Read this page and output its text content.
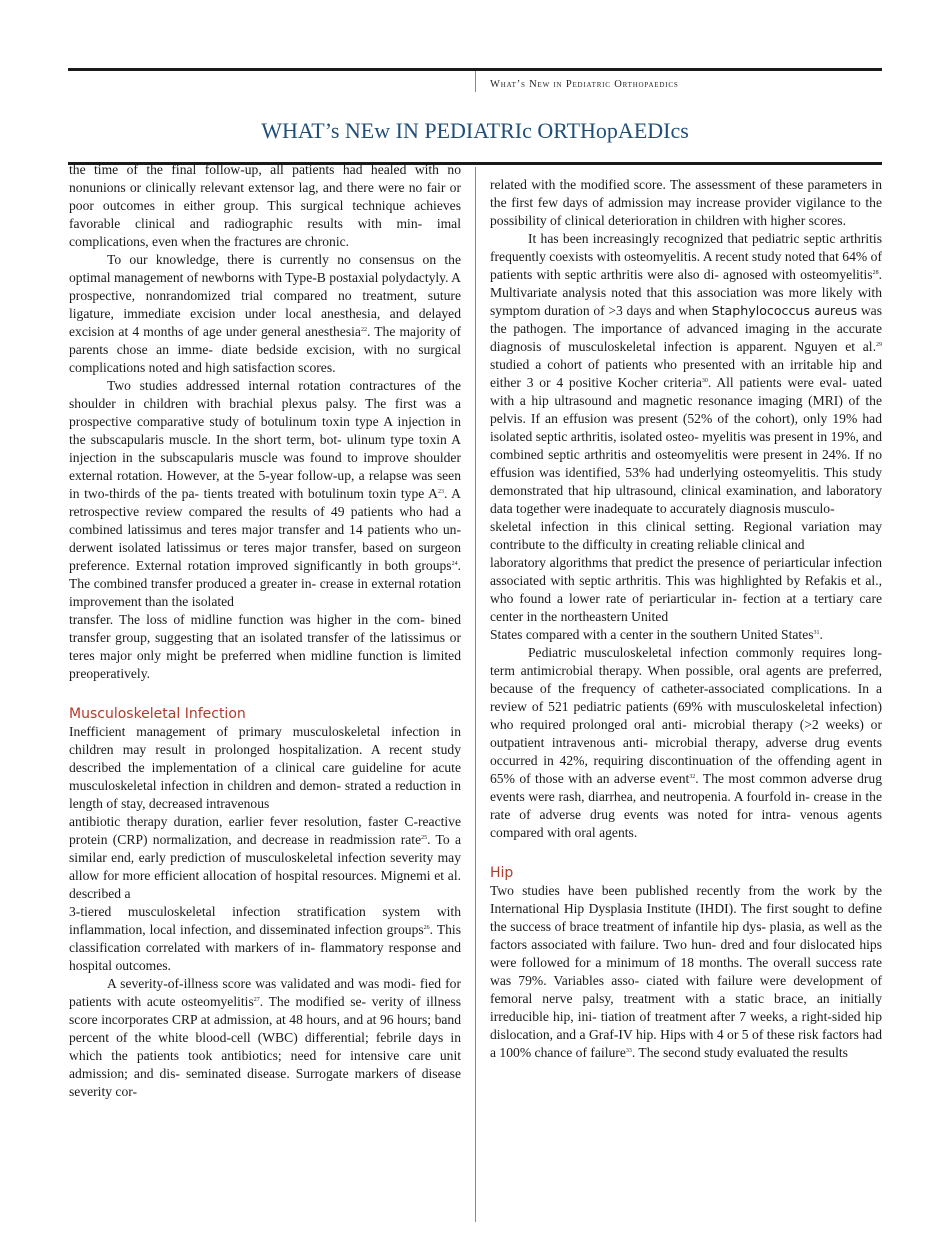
What’s New in Pediatric Orthopaedics
WHAT’s NEw IN PEDIATRIc ORTHopAEDIcs

the time of the final follow-up, all patients had healed with no nonunions or clinically relevant extensor lag, and there were no fair or poor outcomes in either group. This surgical technique achieves favorable clinical and radiographic results with min- imal complications, even when the fractures are chronic.

To our knowledge, there is currently no consensus on the optimal management of newborns with Type-B postaxial polydactyly. A prospective, nonrandomized trial compared no treatment, suture ligature, immediate excision under local anesthesia, and delayed excision at 4 months of age under general anesthesia$^{22}$. The majority of parents chose an imme- diate bedside excision, with no surgical complications noted and high satisfaction scores.

Two studies addressed internal rotation contractures of the shoulder in children with brachial plexus palsy. The first was a prospective comparative study of botulinum toxin type A injection in the subscapularis muscle. In the short term, bot- ulinum type toxin A injection in the subscapularis muscle was found to improve shoulder external rotation. However, at the 5-year follow-up, a relapse was seen in two-thirds of the pa- tients treated with botulinum toxin type $A^{23}$. A retrospective review compared the results of 49 patients who had a combined latissimus and teres major transfer and 14 patients who un- derwent isolated latissimus or teres major transfer, based on surgeon preference. External rotation improved significantly in both groups$^{24}$. The combined transfer produced a greater in- crease in external rotation improvement than the isolated

transfer. The loss of midline function was higher in the com- bined transfer group, suggesting that an isolated transfer of the latissimus or teres major only might be preferred when midline function is limited preoperatively.

Musculoskeletal Infection

Inefficient management of primary musculoskeletal infection in children may result in prolonged hospitalization. A recent study described the implementation of a clinical care guideline for acute musculoskeletal infection in children and demon- strated a reduction in length of stay, decreased intravenous

antibiotic therapy duration, earlier fever resolution, faster C-reactive protein (CRP) normalization, and decrease in readmission rate$^{25}$. To a similar end, early prediction of musculoskeletal infection severity may allow for more efficient allocation of hospital resources. Mignemi et al. described a

3-tiered musculoskeletal infection stratification system with inflammation, local infection, and disseminated infection groups$^{26}$. This classification correlated with markers of in- flammatory response and hospital outcomes.

A severity-of-illness score was validated and was modi- fied for patients with acute osteomyelitis$^{27}$. The modified se- verity of illness score incorporates CRP at admission, at 48 hours, and at 96 hours; band percent of the white blood-cell (WBC) differential; febrile days in which the patients took antibiotics; need for intensive care unit admission; and dis- seminated disease. Surrogate markers of disease severity cor-

related with the modified score. The assessment of these parameters in the first few days of admission may increase provider vigilance to the possibility of clinical deterioration in children with higher scores.

It has been increasingly recognized that pediatric septic arthritis frequently coexists with osteomyelitis. A recent study noted that 64% of patients with septic arthritis were also di- agnosed with osteomyelitis$^{28}$. Multivariate analysis noted that this association was more likely with symptom duration of >3 days and when Staphylococcus aureus was the pathogen. The importance of advanced imaging in the accurate diagnosis of musculoskeletal infection is apparent. Nguyen et al.$^{29}$ studied a cohort of patients who presented with an irritable hip and either 3 or 4 positive Kocher criteria$^{30}$. All patients were eval- uated with a hip ultrasound and magnetic resonance imaging (MRI) of the pelvis. If an effusion was present (52% of the cohort), only 19% had isolated septic arthritis, isolated osteo- myelitis was present in 19%, and combined septic arthritis and osteomyelitis were present in 24%. If no effusion was identified, 53% had underlying osteomyelitis. This study demonstrated that hip ultrasound, clinical examination, and laboratory data together were inadequate to accurately diagnosis musculo-

skeletal infection in this clinical setting. Regional variation may contribute to the difficulty in creating reliable clinical and

laboratory algorithms that predict the presence of periarticular infection associated with septic arthritis. This was highlighted by Refakis et al., who found a lower rate of periarticular in- fection at a tertiary care center in the northeastern United

States compared with a center in the southern United States$^{31}$.

Pediatric musculoskeletal infection commonly requires long-term antimicrobial therapy. When possible, oral agents are preferred, because of the frequency of catheter-associated complications. In a review of 521 pediatric patients (69% with musculoskeletal infection) who required prolonged oral anti- microbial therapy (>2 weeks) or outpatient intravenous anti- microbial therapy, adverse drug events occurred in 42%, requiring discontinuation of the offending agent in 65% of those with an adverse event$^{32}$. The most common adverse drug events were rash, diarrhea, and neutropenia. A fourfold in- crease in the rate of adverse drug events was noted for intra- venous agents compared with oral agents.

Hip

Two studies have been published recently from the work by the International Hip Dysplasia Institute (IHDI). The first sought to define the success of brace treatment of infantile hip dys- plasia, as well as the factors associated with failure. Two hun- dred and four dislocated hips were followed for a minimum of 18 months. The overall success rate was 79%. Variables asso- ciated with failure were development of femoral nerve palsy, treatment with a static brace, an initially irreducible hip, ini- tiation of treatment after 7 weeks, a right-sided hip dislocation, and a Graf-IV hip. Hips with 4 or 5 of these risk factors had a 100% chance of failure$^{33}$. The second study evaluated the results
